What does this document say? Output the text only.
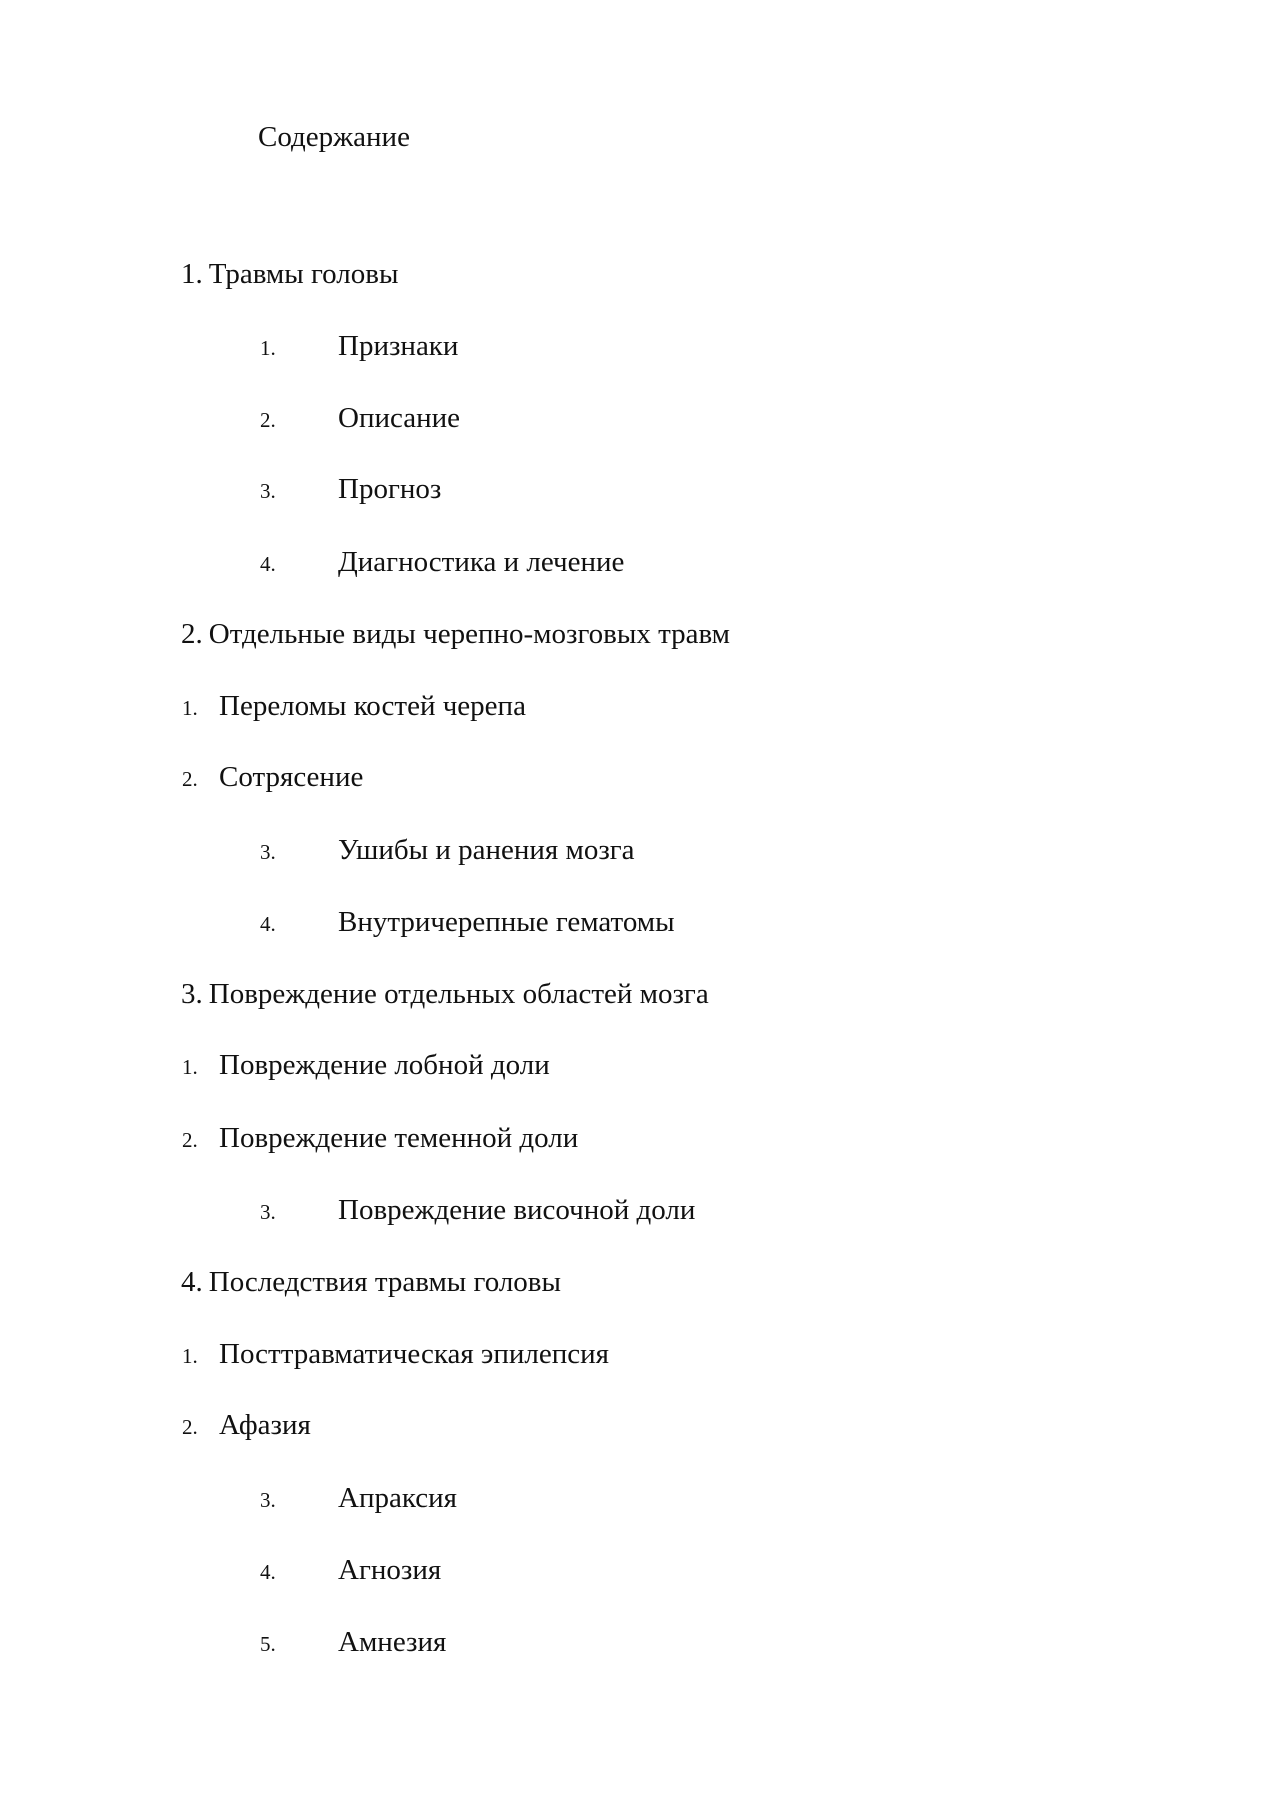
Содержание
1. Травмы головы
1. Признаки
2. Описание
3. Прогноз
4. Диагностика и лечение
2. Отдельные виды черепно-мозговых травм
1. Переломы костей черепа
2. Сотрясение
3. Ушибы и ранения мозга
4. Внутричерепные гематомы
3. Повреждение отдельных областей мозга
1. Повреждение лобной доли
2. Повреждение теменной доли
3. Повреждение височной доли
4. Последствия травмы головы
1. Посттравматическая эпилепсия
2. Афазия
3. Апраксия
4. Агнозия
5. Амнезия
